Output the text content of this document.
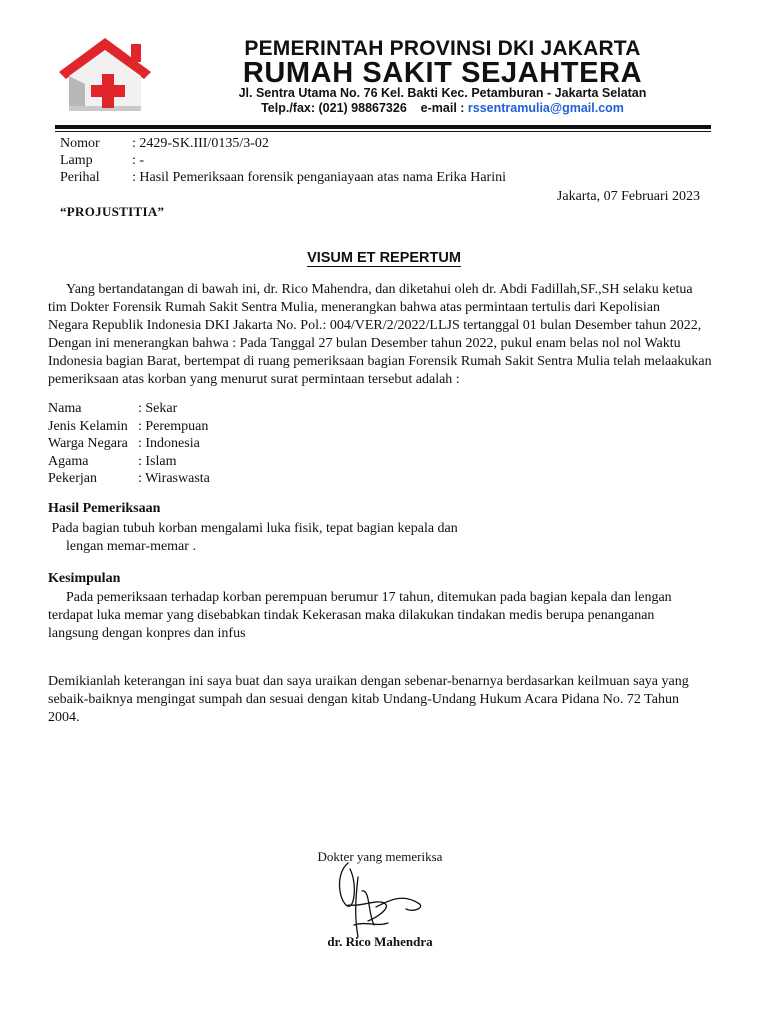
PEMERINTAH PROVINSI DKI JAKARTA
RUMAH SAKIT SEJAHTERA
Jl. Sentra Utama No. 76 Kel. Bakti Kec. Petamburan - Jakarta Selatan
Telp./fax: (021) 98867326    e-mail : rssentramulia@gmail.com
Nomor : 2429-SK.III/0135/3-02
Lamp	: -
Perihal : Hasil Pemeriksaan forensik penganiayaan atas nama Erika Harini
Jakarta, 07 Februari 2023
“PROJUSTITIA”
VISUM ET REPERTUM

Yang bertandatangan di bawah ini, dr. Rico Mahendra, dan diketahui oleh dr. Abdi Fadillah,SF.,SH selaku ketua

tim Dokter Forensik Rumah Sakit Sentra Mulia, menerangkan bahwa atas permintaan tertulis dari Kepolisian

Negara Republik Indonesia DKI Jakarta No. Pol.: 004/VER/2/2022/LLJS tertanggal 01 bulan Desember tahun 2022,

Dengan ini menerangkan bahwa : Pada Tanggal 27 bulan Desember tahun 2022, pukul enam belas nol nol Waktu

Indonesia bagian Barat, bertempat di ruang pemeriksaan bagian Forensik Rumah Sakit Sentra Mulia telah melaakukan

pemeriksaan atas korban yang menurut surat permintaan tersebut adalah :

Nama	: Sekar
Jenis Kelamin : Perempuan
Warga Negara : Indonesia
Agama	: Islam
Pekerjan	: Wiraswasta
Hasil Pemeriksaan

Pada bagian tubuh korban mengalami luka fisik, tepat bagian kepala dan

lengan memar-memar .

Kesimpulan

Pada pemeriksaan terhadap korban perempuan berumur 17 tahun, ditemukan pada bagian kepala dan lengan

terdapat luka memar yang disebabkan tindak Kekerasan maka dilakukan tindakan medis berupa penanganan

langsung dengan konpres dan infus

Demikianlah keterangan ini saya buat dan saya uraikan dengan sebenar-benarnya berdasarkan keilmuan saya yang

sebaik-baiknya mengingat sumpah dan sesuai dengan kitab Undang-Undang Hukum Acara Pidana No. 72 Tahun

2004.

Dokter yang memeriksa
dr. Rico Mahendra
